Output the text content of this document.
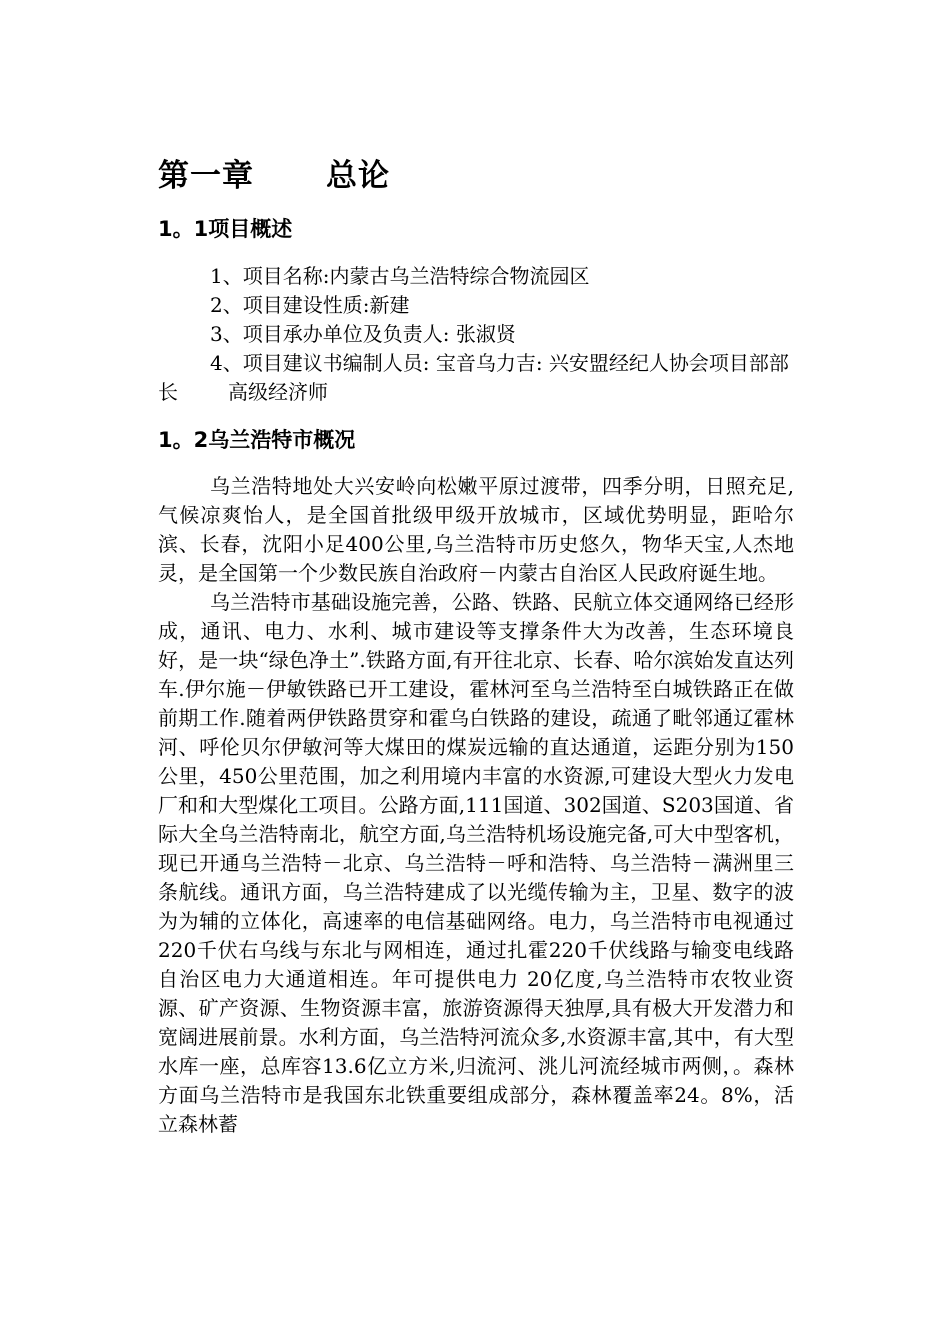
第一章 总论
1。1项目概述

1、项目名称:内蒙古乌兰浩特综合物流园区

2、项目建设性质:新建

3、项目承办单位及负责人: 张淑贤

4、项目建议书编制人员: 宝音乌力吉: 兴安盟经纪人协会项目部部长	高级经济师

1。2乌兰浩特市概况

乌兰浩特地处大兴安岭向松嫩平原过渡带，四季分明，日照充足,气候凉爽怡人，是全国首批级甲级开放城市，区域优势明显，距哈尔滨、长春，沈阳小足400公里,乌兰浩特市历史悠久，物华天宝,人杰地灵，是全国第一个少数民族自治政府－内蒙古自治区人民政府诞生地。

乌兰浩特市基础设施完善，公路、铁路、民航立体交通网络已经形成，通讯、电力、水利、城市建设等支撑条件大为改善，生态环境良好，是一块“绿色净土”.铁路方面,有开往北京、长春、哈尔滨始发直达列车.伊尔施－伊敏铁路已开工建设，霍林河至乌兰浩特至白城铁路正在做前期工作.随着两伊铁路贯穿和霍乌白铁路的建设，疏通了毗邻通辽霍林河、呼伦贝尔伊敏河等大煤田的煤炭远输的直达通道，运距分别为150公里，450公里范围，加之利用境内丰富的水资源,可建设大型火力发电厂和和大型煤化工项目。公路方面,111国道、302国道、S203国道、省际大全乌兰浩特南北，航空方面,乌兰浩特机场设施完备,可大中型客机，现已开通乌兰浩特－北京、乌兰浩特－呼和浩特、乌兰浩特－满洲里三条航线。通讯方面，乌兰浩特建成了以光缆传输为主，卫星、数字的波为为辅的立体化，高速率的电信基础网络。电力，乌兰浩特市电视通过220千伏右乌线与东北与网相连，通过扎霍220千伏线路与输变电线路自治区电力大通道相连。年可提供电力 20亿度,乌兰浩特市农牧业资源、矿产资源、生物资源丰富，旅游资源得天独厚,具有极大开发潜力和宽阔进展前景。水利方面，乌兰浩特河流众多,水资源丰富,其中，有大型水库一座，总库容13.6亿立方米,归流河、洮儿河流经城市两侧，。森林方面乌兰浩特市是我国东北铁重要组成部分，森林覆盖率24。8%，活立森林蓄
